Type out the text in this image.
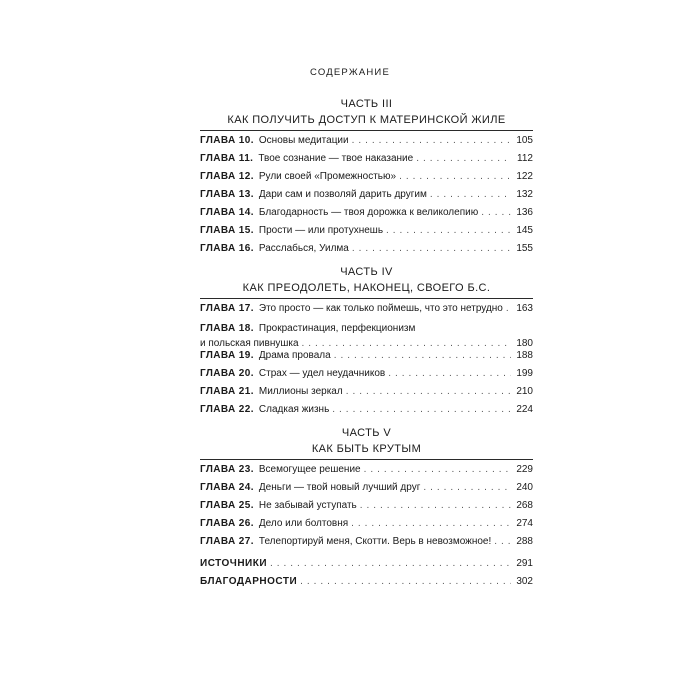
СОДЕРЖАНИЕ
ЧАСТЬ III
КАК ПОЛУЧИТЬ ДОСТУП К МАТЕРИНСКОЙ ЖИЛЕ
ГЛАВА 10. Основы медитации . . .	105
ГЛАВА 11. Твое сознание — твое наказание . . .	112
ГЛАВА 12. Рули своей «Промежностью» . . .	122
ГЛАВА 13. Дари сам и позволяй дарить другим . . .	132
ГЛАВА 14. Благодарность — твоя дорожка к великолепию . . .	136
ГЛАВА 15. Прости — или протухнешь . . .	145
ГЛАВА 16. Расслабься, Уилма . . .	155
ЧАСТЬ IV
КАК ПРЕОДОЛЕТЬ, НАКОНЕЦ, СВОЕГО Б.С.
ГЛАВА 17. Это просто — как только поймешь, что это нетрудно . . .	163
ГЛАВА 18. Прокрастинация, перфекционизм
и польская пивнушка . . .	180
ГЛАВА 19. Драма провала . . .	188
ГЛАВА 20. Страх — удел неудачников . . .	199
ГЛАВА 21. Миллионы зеркал . . .	210
ГЛАВА 22. Сладкая жизнь . . .	224
ЧАСТЬ V
КАК БЫТЬ КРУТЫМ
ГЛАВА 23. Всемогущее решение . . .	229
ГЛАВА 24. Деньги — твой новый лучший друг . . .	240
ГЛАВА 25. Не забывай уступать . . .	268
ГЛАВА 26. Дело или болтовня . . .	274
ГЛАВА 27. Телепортируй меня, Скотти. Верь в невозможное! . . .	288
ИСТОЧНИКИ . . .	291
БЛАГОДАРНОСТИ . . .	302
